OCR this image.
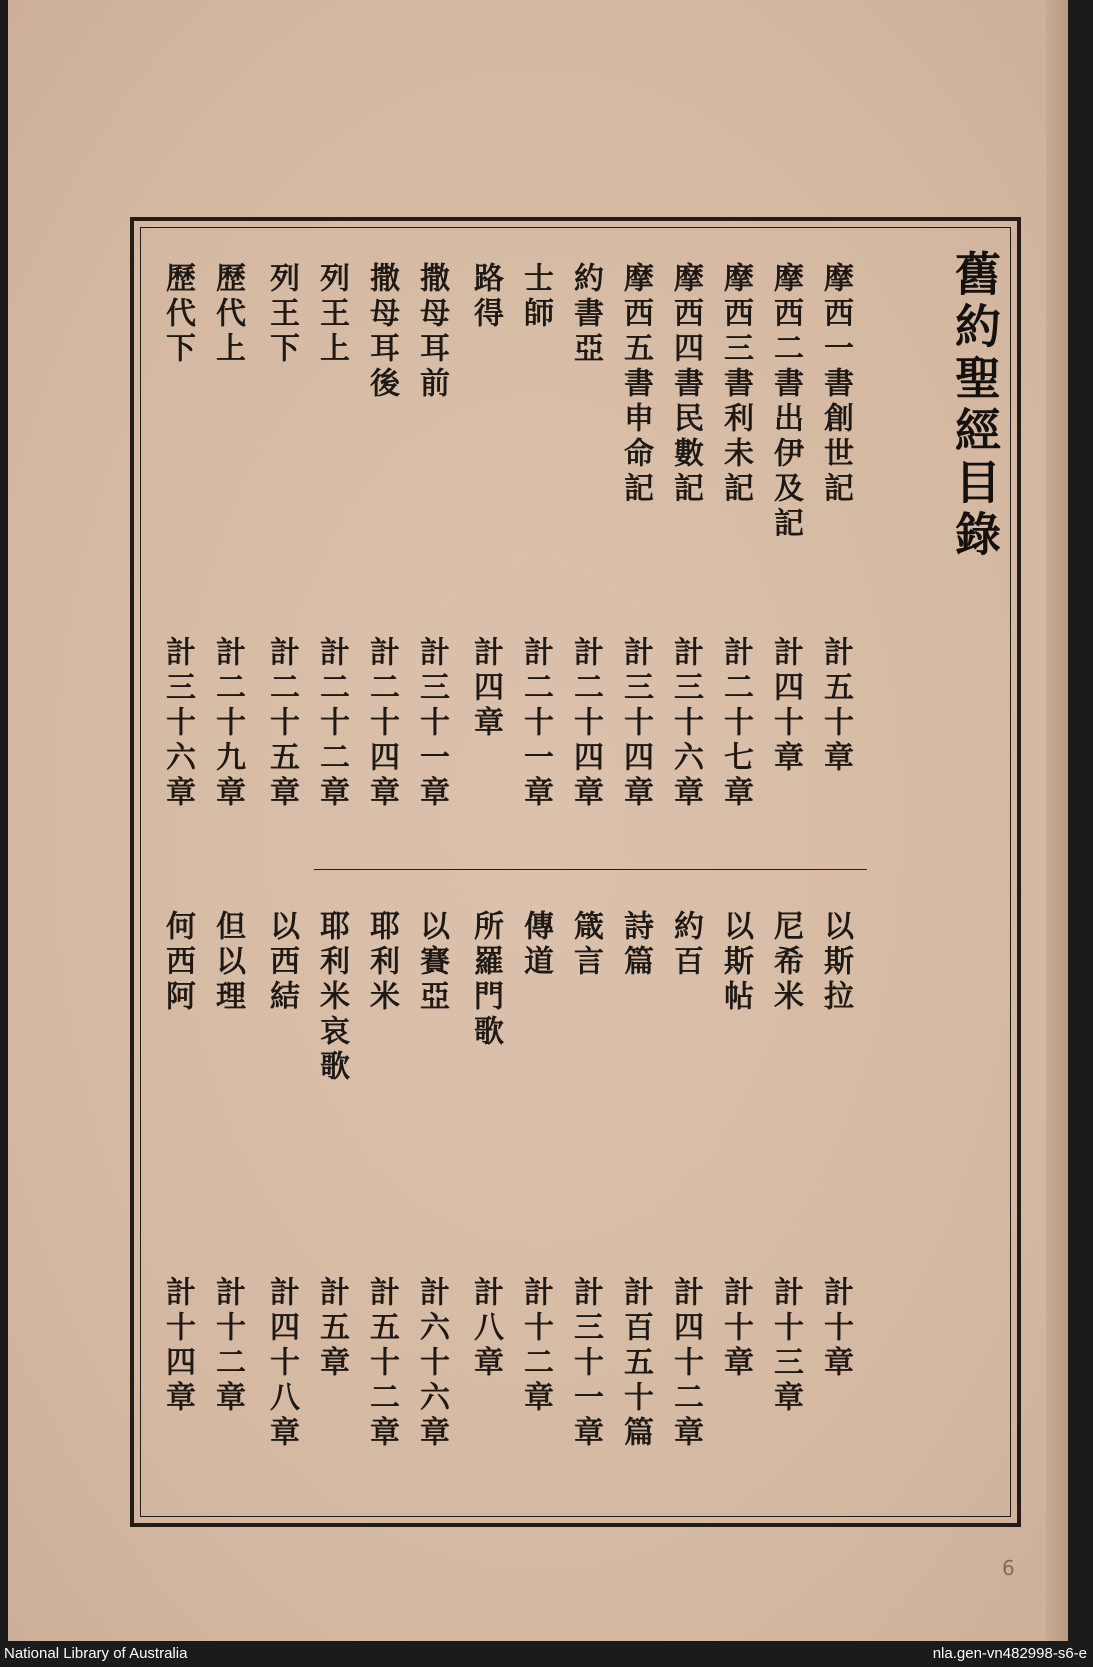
舊約聖經目錄
摩西一書創世記
摩西二書出伊及記
摩西三書利未記
摩西四書民數記
摩西五書申命記
約書亞
士師
路得
撒母耳前
撒母耳後
列王上
列王下
歷代上
歷代下
計五十章
計四十章
計二十七章
計三十六章
計三十四章
計二十四章
計二十一章
計四章
計三十一章
計二十四章
計二十二章
計二十五章
計二十九章
計三十六章
以斯拉
尼希米
以斯帖
約百
詩篇
箴言
傳道
所羅門歌
以賽亞
耶利米
耶利米哀歌
以西結
但以理
何西阿
計十章
計十三章
計十章
計四十二章
計百五十篇
計三十一章
計十二章
計八章
計六十六章
計五十二章
計五章
計四十八章
計十二章
計十四章
6
National Library of Australia	nla.gen-vn482998-s6-e
